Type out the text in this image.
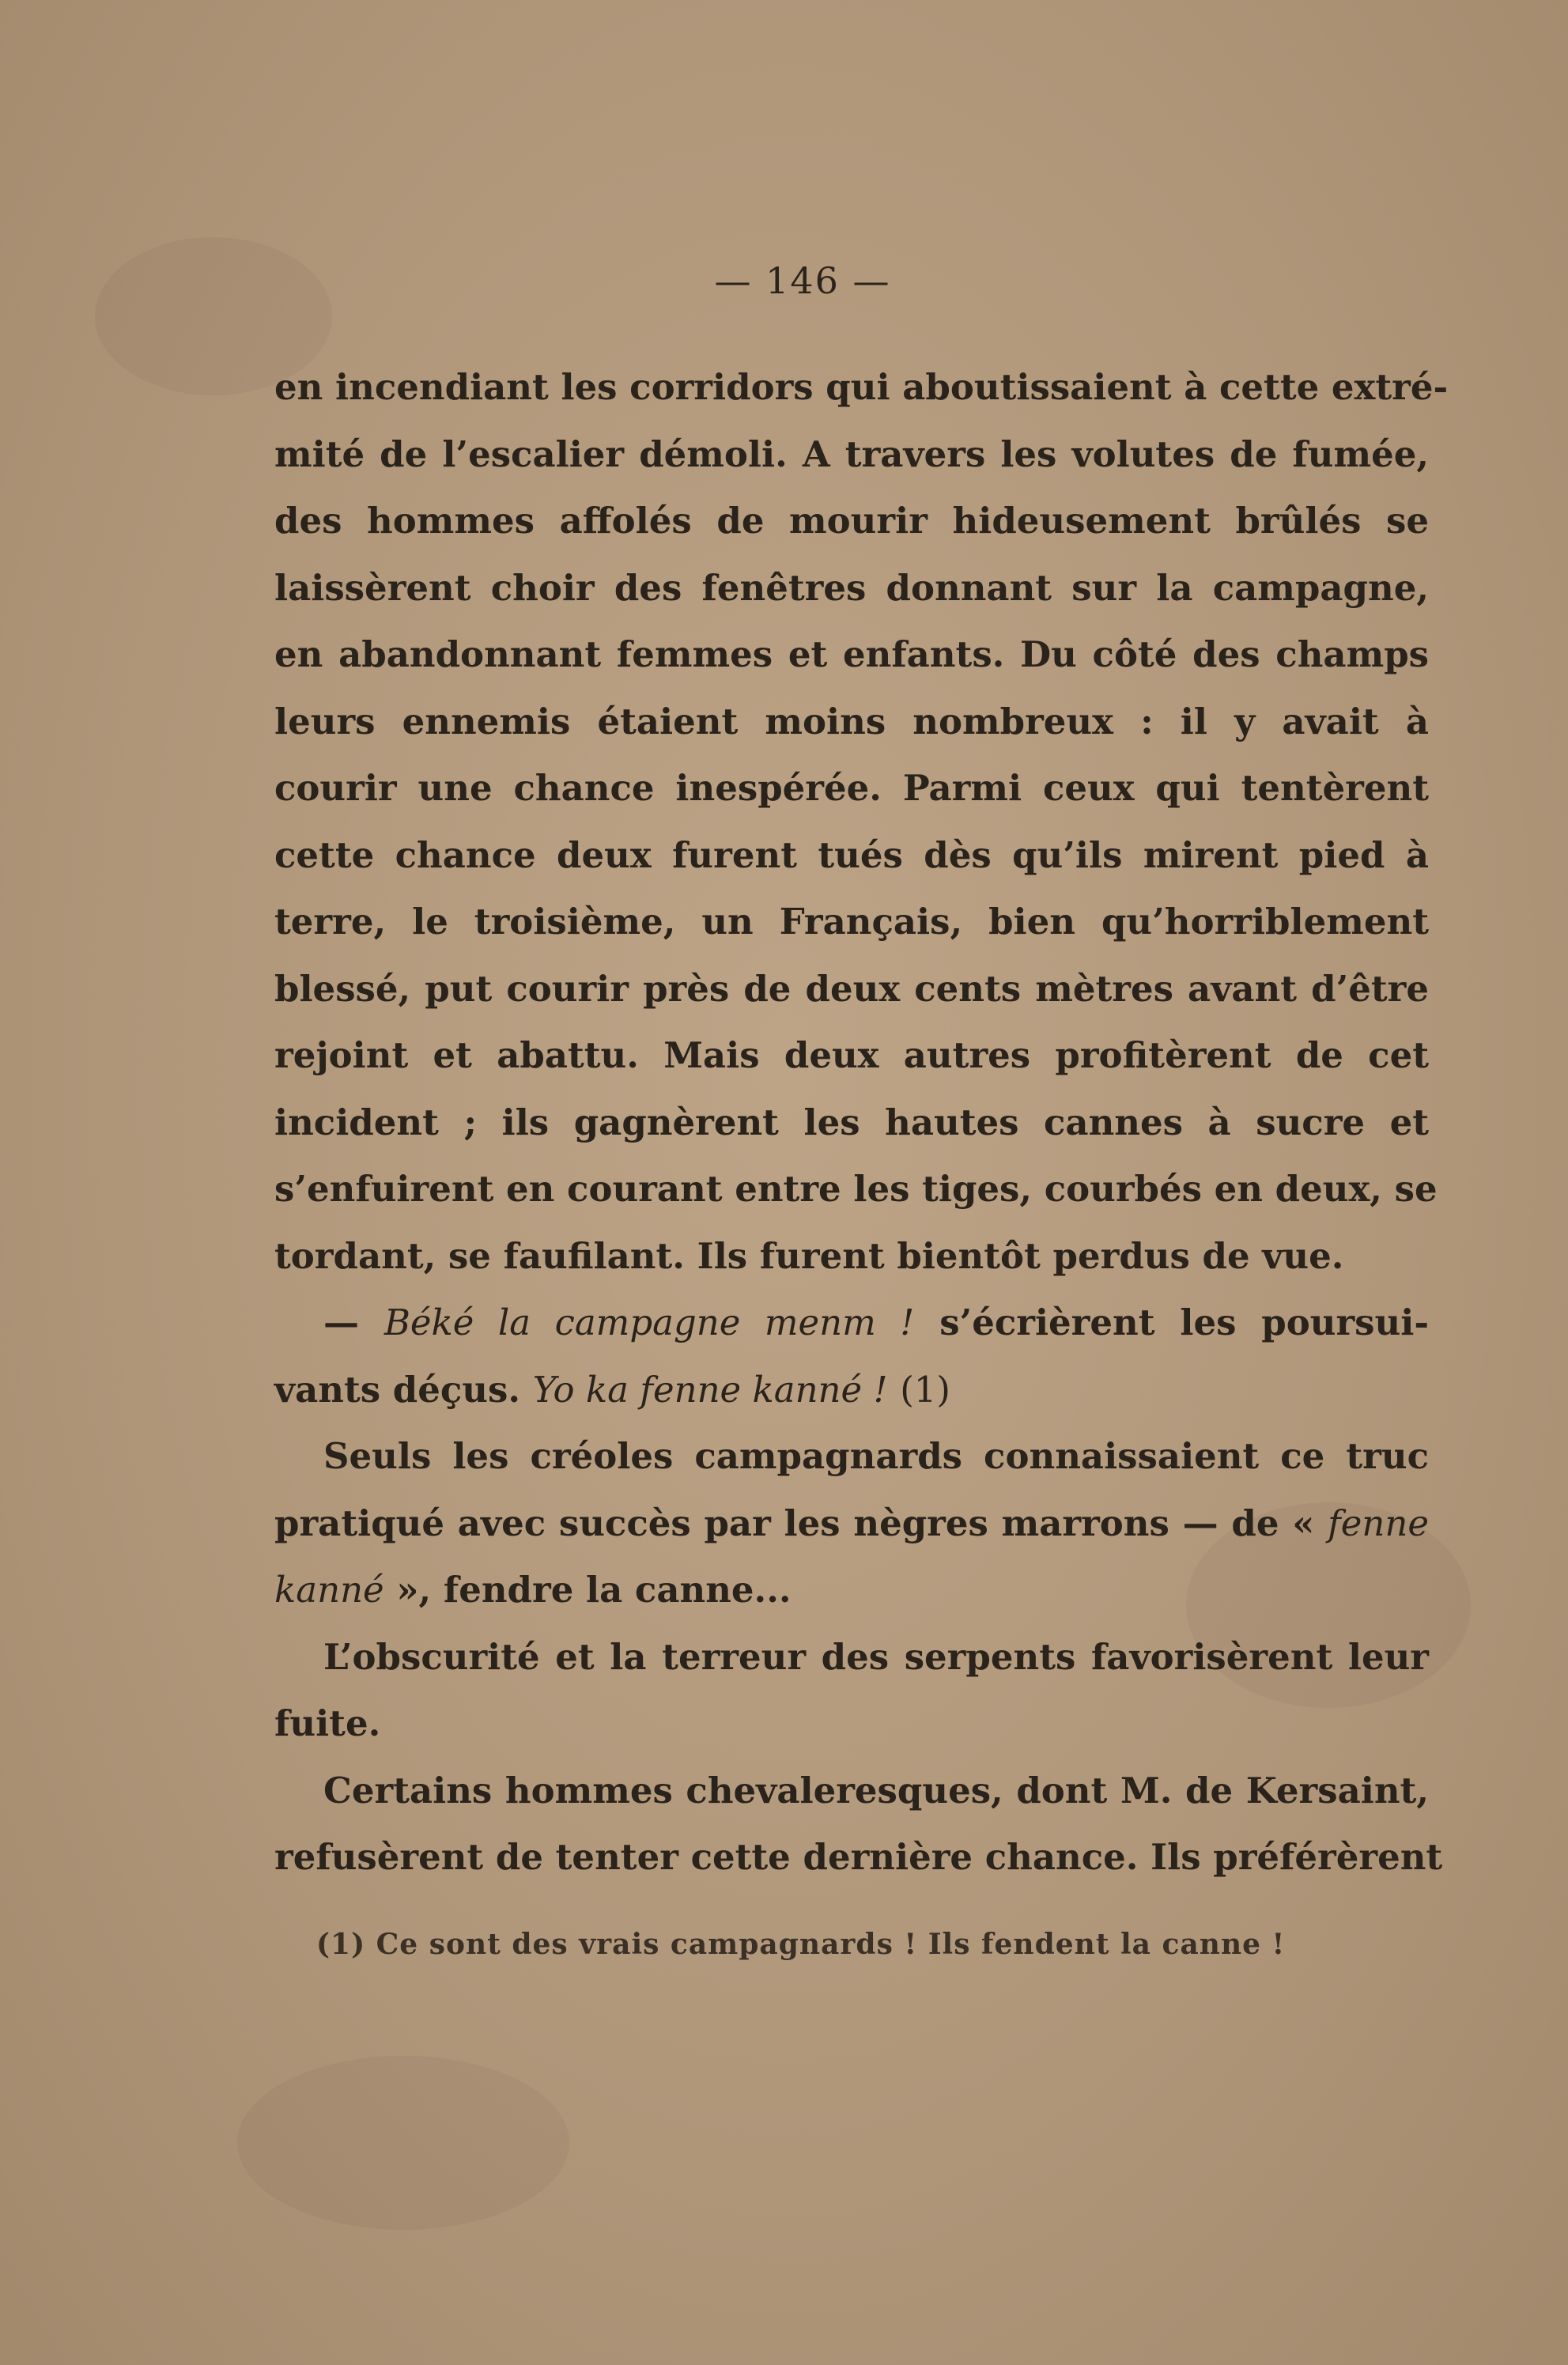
— 146 —
en incendiant les corridors qui aboutissaient à cette extré-
mité de l’escalier démoli. A travers les volutes de fumée,
des hommes affolés de mourir hideusement brûlés se
laissèrent choir des fenêtres donnant sur la campagne,
en abandonnant femmes et enfants. Du côté des champs
leurs ennemis étaient moins nombreux : il y avait à
courir une chance inespérée. Parmi ceux qui tentèrent
cette chance deux furent tués dès qu’ils mirent pied à
terre, le troisième, un Français, bien qu’horriblement
blessé, put courir près de deux cents mètres avant d’être
rejoint et abattu. Mais deux autres profitèrent de cet
incident ; ils gagnèrent les hautes cannes à sucre et
s’enfuirent en courant entre les tiges, courbés en deux, se
tordant, se faufilant. Ils furent bientôt perdus de vue.
— Béké la campagne menm ! s’écrièrent les poursui-
vants déçus. Yo ka fenne kanné ! (1)
Seuls les créoles campagnards connaissaient ce truc
pratiqué avec succès par les nègres marrons — de « fenne
kanné », fendre la canne...
L’obscurité et la terreur des serpents favorisèrent leur
fuite.
Certains hommes chevaleresques, dont M. de Kersaint,
refusèrent de tenter cette dernière chance. Ils préférèrent
(1) Ce sont des vrais campagnards ! Ils fendent la canne !
